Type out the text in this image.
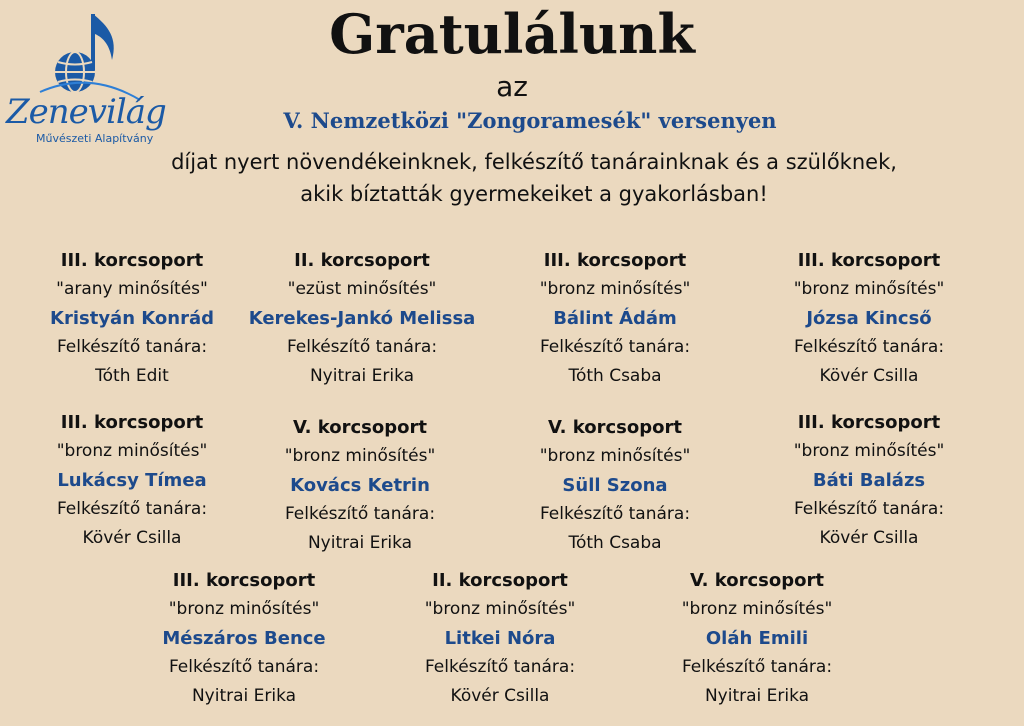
Zenevilág
Művészeti Alapítvány
Gratulálunk
az
V. Nemzetközi "Zongoramesék" versenyen
díjat nyert növendékeinknek, felkészítő tanárainknak és a szülőknek,
akik bíztatták gyermekeiket a gyakorlásban!
III. korcsoport
"arany minősítés"
Kristyán Konrád
Felkészítő tanára:
Tóth Edit
II. korcsoport
"ezüst minősítés"
Kerekes-Jankó Melissa
Felkészítő tanára:
Nyitrai Erika
III. korcsoport
"bronz minősítés"
Bálint Ádám
Felkészítő tanára:
Tóth Csaba
III. korcsoport
"bronz minősítés"
Józsa Kincső
Felkészítő tanára:
Kövér Csilla
III. korcsoport
"bronz minősítés"
Lukácsy Tímea
Felkészítő tanára:
Kövér Csilla
V. korcsoport
"bronz minősítés"
Kovács Ketrin
Felkészítő tanára:
Nyitrai Erika
V. korcsoport
"bronz minősítés"
Süll Szona
Felkészítő tanára:
Tóth Csaba
III. korcsoport
"bronz minősítés"
Báti Balázs
Felkészítő tanára:
Kövér Csilla
III. korcsoport
"bronz minősítés"
Mészáros Bence
Felkészítő tanára:
Nyitrai Erika
II. korcsoport
"bronz minősítés"
Litkei Nóra
Felkészítő tanára:
Kövér Csilla
V. korcsoport
"bronz minősítés"
Oláh Emili
Felkészítő tanára:
Nyitrai Erika
